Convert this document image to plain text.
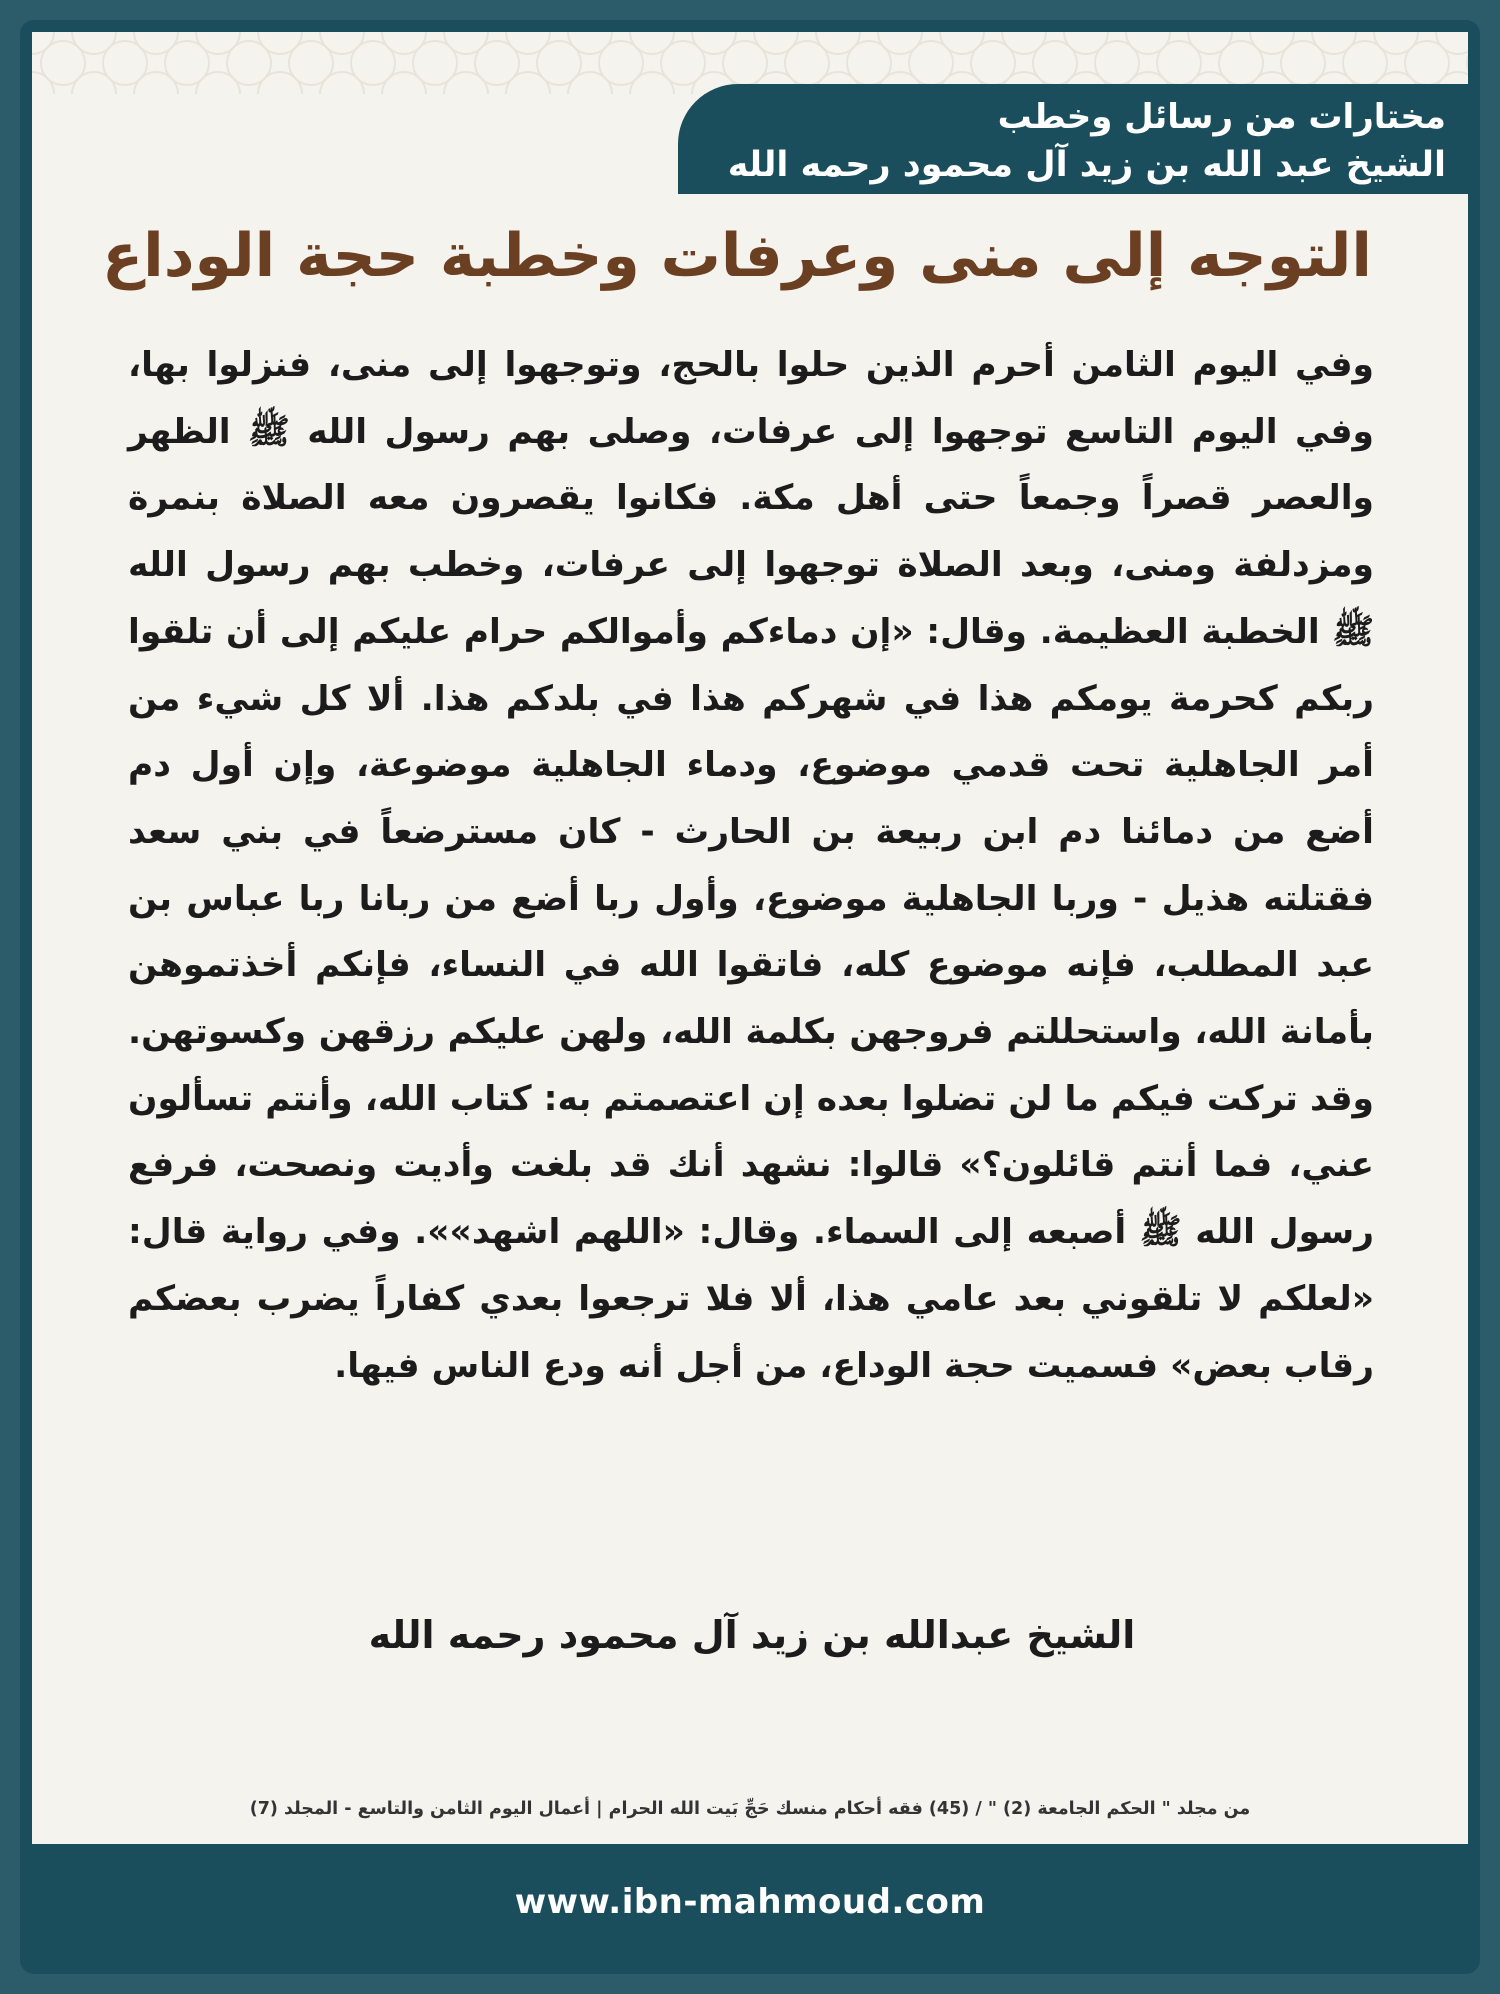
مختارات من رسائل وخطب
الشيخ عبد الله بن زيد آل محمود رحمه الله
التوجه إلى منى وعرفات وخطبة حجة الوداع
وفي اليوم الثامن أحرم الذين حلوا بالحج، وتوجهوا إلى منى، فنزلوا بها، وفي اليوم التاسع توجهوا إلى عرفات، وصلى بهم رسول الله ﷺ الظهر والعصر قصراً وجمعاً حتى أهل مكة. فكانوا يقصرون معه الصلاة بنمرة ومزدلفة ومنى، وبعد الصلاة توجهوا إلى عرفات، وخطب بهم رسول الله ﷺ الخطبة العظيمة. وقال: «إن دماءكم وأموالكم حرام عليكم إلى أن تلقوا ربكم كحرمة يومكم هذا في شهركم هذا في بلدكم هذا. ألا كل شيء من أمر الجاهلية تحت قدمي موضوع، ودماء الجاهلية موضوعة، وإن أول دم أضع من دمائنا دم ابن ربيعة بن الحارث - كان مسترضعاً في بني سعد فقتلته هذيل - وربا الجاهلية موضوع، وأول ربا أضع من ربانا ربا عباس بن عبد المطلب، فإنه موضوع كله، فاتقوا الله في النساء، فإنكم أخذتموهن بأمانة الله، واستحللتم فروجهن بكلمة الله، ولهن عليكم رزقهن وكسوتهن. وقد تركت فيكم ما لن تضلوا بعده إن اعتصمتم به: كتاب الله، وأنتم تسألون عني، فما أنتم قائلون؟» قالوا: نشهد أنك قد بلغت وأديت ونصحت، فرفع رسول الله ﷺ أصبعه إلى السماء. وقال: «اللهم اشهد»». وفي رواية قال: «لعلكم لا تلقوني بعد عامي هذا، ألا فلا ترجعوا بعدي كفاراً يضرب بعضكم رقاب بعض» فسميت حجة الوداع، من أجل أنه ودع الناس فيها.
الشيخ عبدالله بن زيد آل محمود رحمه الله
من مجلد " الحكم الجامعة (2) " / (45) فقه أحكام منسك حَجِّ بَيت الله الحرام | أعمال اليوم الثامن والتاسع - المجلد (7)
www.ibn-mahmoud.com
